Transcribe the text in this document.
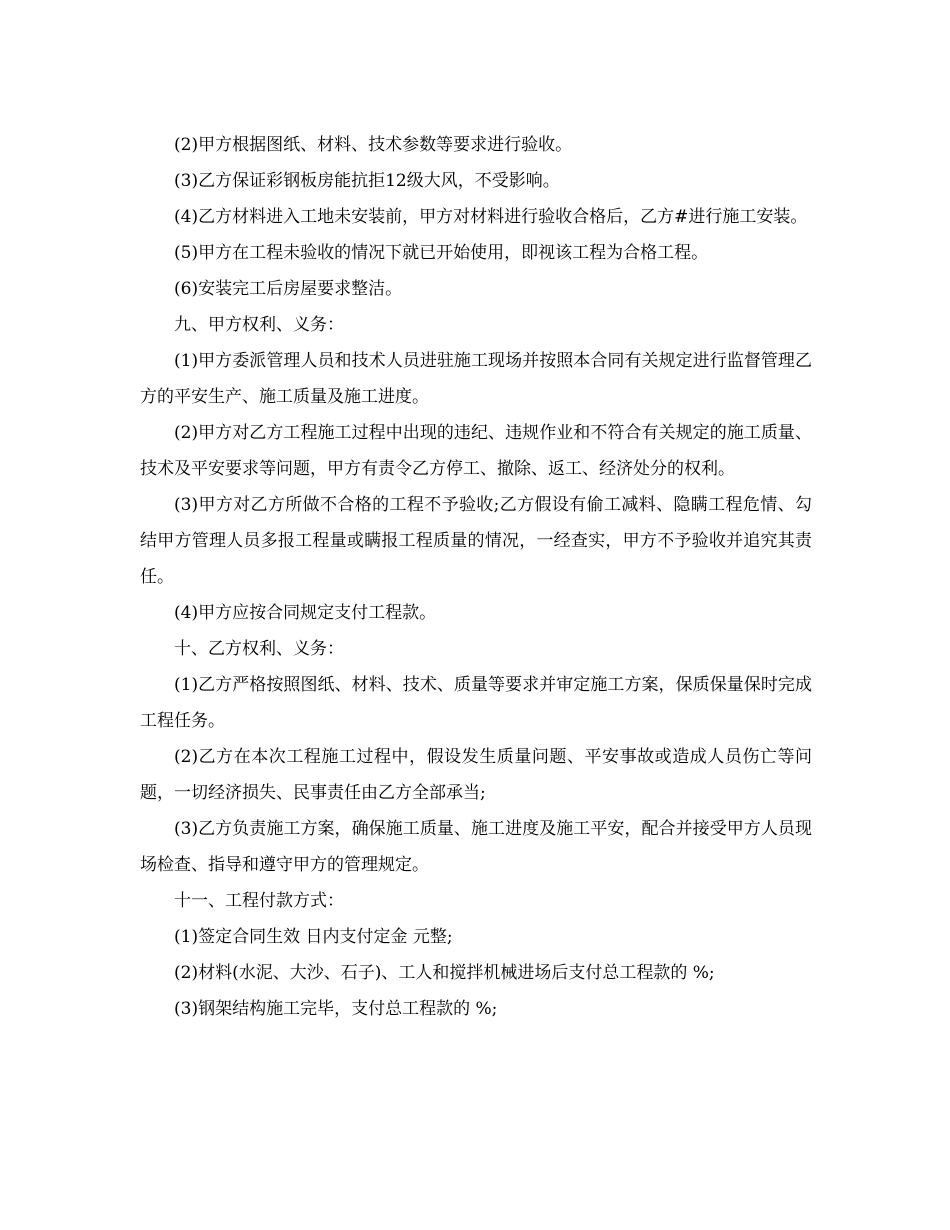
(2)甲方根据图纸、材料、技术参数等要求进行验收。

(3)乙方保证彩钢板房能抗拒12级大风，不受影响。

(4)乙方材料进入工地未安装前，甲方对材料进行验收合格后，乙方#进行施工安装。

(5)甲方在工程未验收的情况下就已开始使用，即视该工程为合格工程。

(6)安装完工后房屋要求整洁。

九、甲方权利、义务：

(1)甲方委派管理人员和技术人员进驻施工现场并按照本合同有关规定进行监督管理乙方的平安生产、施工质量及施工进度。

(2)甲方对乙方工程施工过程中出现的违纪、违规作业和不符合有关规定的施工质量、技术及平安要求等问题，甲方有责令乙方停工、撤除、返工、经济处分的权利。

(3)甲方对乙方所做不合格的工程不予验收;乙方假设有偷工减料、隐瞒工程危情、勾结甲方管理人员多报工程量或瞒报工程质量的情况，一经查实，甲方不予验收并追究其责任。

(4)甲方应按合同规定支付工程款。

十、乙方权利、义务：

(1)乙方严格按照图纸、材料、技术、质量等要求并审定施工方案，保质保量保时完成工程任务。

(2)乙方在本次工程施工过程中，假设发生质量问题、平安事故或造成人员伤亡等问题，一切经济损失、民事责任由乙方全部承当;

(3)乙方负责施工方案，确保施工质量、施工进度及施工平安，配合并接受甲方人员现场检查、指导和遵守甲方的管理规定。

十一、工程付款方式：

(1)签定合同生效 日内支付定金 元整;

(2)材料(水泥、大沙、石子)、工人和搅拌机械进场后支付总工程款的 %;

(3)钢架结构施工完毕，支付总工程款的 %;
